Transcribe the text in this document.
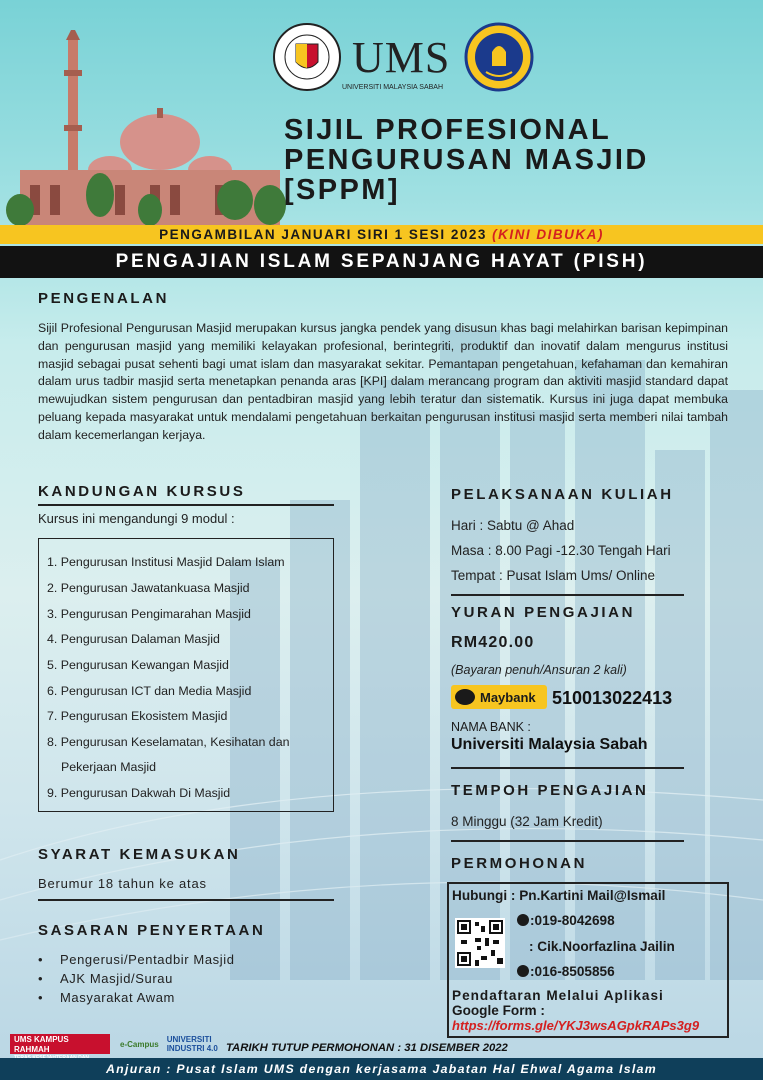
UMS
UNIVERSITI MALAYSIA SABAH
SIJIL PROFESIONAL
PENGURUSAN MASJID
[SPPM]
PENGAMBILAN JANUARI SIRI 1 SESI 2023 (KINI DIBUKA)
PENGAJIAN ISLAM SEPANJANG HAYAT (PISH)
PENGENALAN
Sijil Profesional Pengurusan Masjid merupakan kursus jangka pendek yang disusun khas bagi melahirkan barisan kepimpinan dan pengurusan masjid yang memiliki kelayakan profesional, berintegriti, produktif dan inovatif dalam mengurus institusi masjid sebagai pusat sehenti bagi umat islam dan masyarakat sekitar. Pemantapan pengetahuan, kefahaman dan kemahiran dalam urus tadbir masjid serta menetapkan penanda aras [KPI] dalam merancang program dan aktiviti masjid standard dapat mewujudkan sistem pengurusan dan pentadbiran masjid yang lebih teratur dan sistematik. Kursus ini juga dapat membuka peluang kepada masyarakat untuk mendalami pengetahuan berkaitan pengurusan institusi masjid serta memberi nilai tambah dalam kecemerlangan kerjaya.
KANDUNGAN KURSUS
Kursus ini mengandungi 9 modul :
1. Pengurusan Institusi Masjid Dalam Islam
2. Pengurusan Jawatankuasa Masjid
3. Pengurusan Pengimarahan Masjid
4. Pengurusan Dalaman Masjid
5. Pengurusan Kewangan Masjid
6. Pengurusan ICT dan Media Masjid
7. Pengurusan Ekosistem Masjid
8. Pengurusan Keselamatan, Kesihatan dan
Pekerjaan Masjid
9. Pengurusan Dakwah Di Masjid
SYARAT KEMASUKAN
Berumur 18 tahun ke atas
SASARAN PENYERTAAN
• Pengerusi/Pentadbir Masjid
• AJK Masjid/Surau
• Masyarakat Awam
PELAKSANAAN KULIAH
Hari : Sabtu @ Ahad
Masa : 8.00 Pagi -12.30 Tengah Hari
Tempat : Pusat Islam Ums/ Online
YURAN PENGAJIAN
RM420.00
(Bayaran penuh/Ansuran 2 kali)
Maybank 510013022413
NAMA BANK :
Universiti Malaysia Sabah
TEMPOH PENGAJIAN
8 Minggu (32 Jam Kredit)
PERMOHONAN
Hubungi : Pn.Kartini Mail@Ismail
:019-8042698
: Cik.Noorfazlina Jailin
:016-8505856
Pendaftaran Melalui Aplikasi
Google Form :
https://forms.gle/YKJ3wsAGpkRAPs3g9
UMS KAMPUS RAHMAH
e-Campus UNIVERSITI
INDUSTRI 4.0 TARIKH TUTUP PERMOHONAN : 31 DISEMBER 2022
Anjuran : Pusat Islam UMS dengan kerjasama Jabatan Hal Ehwal Agama Islam
